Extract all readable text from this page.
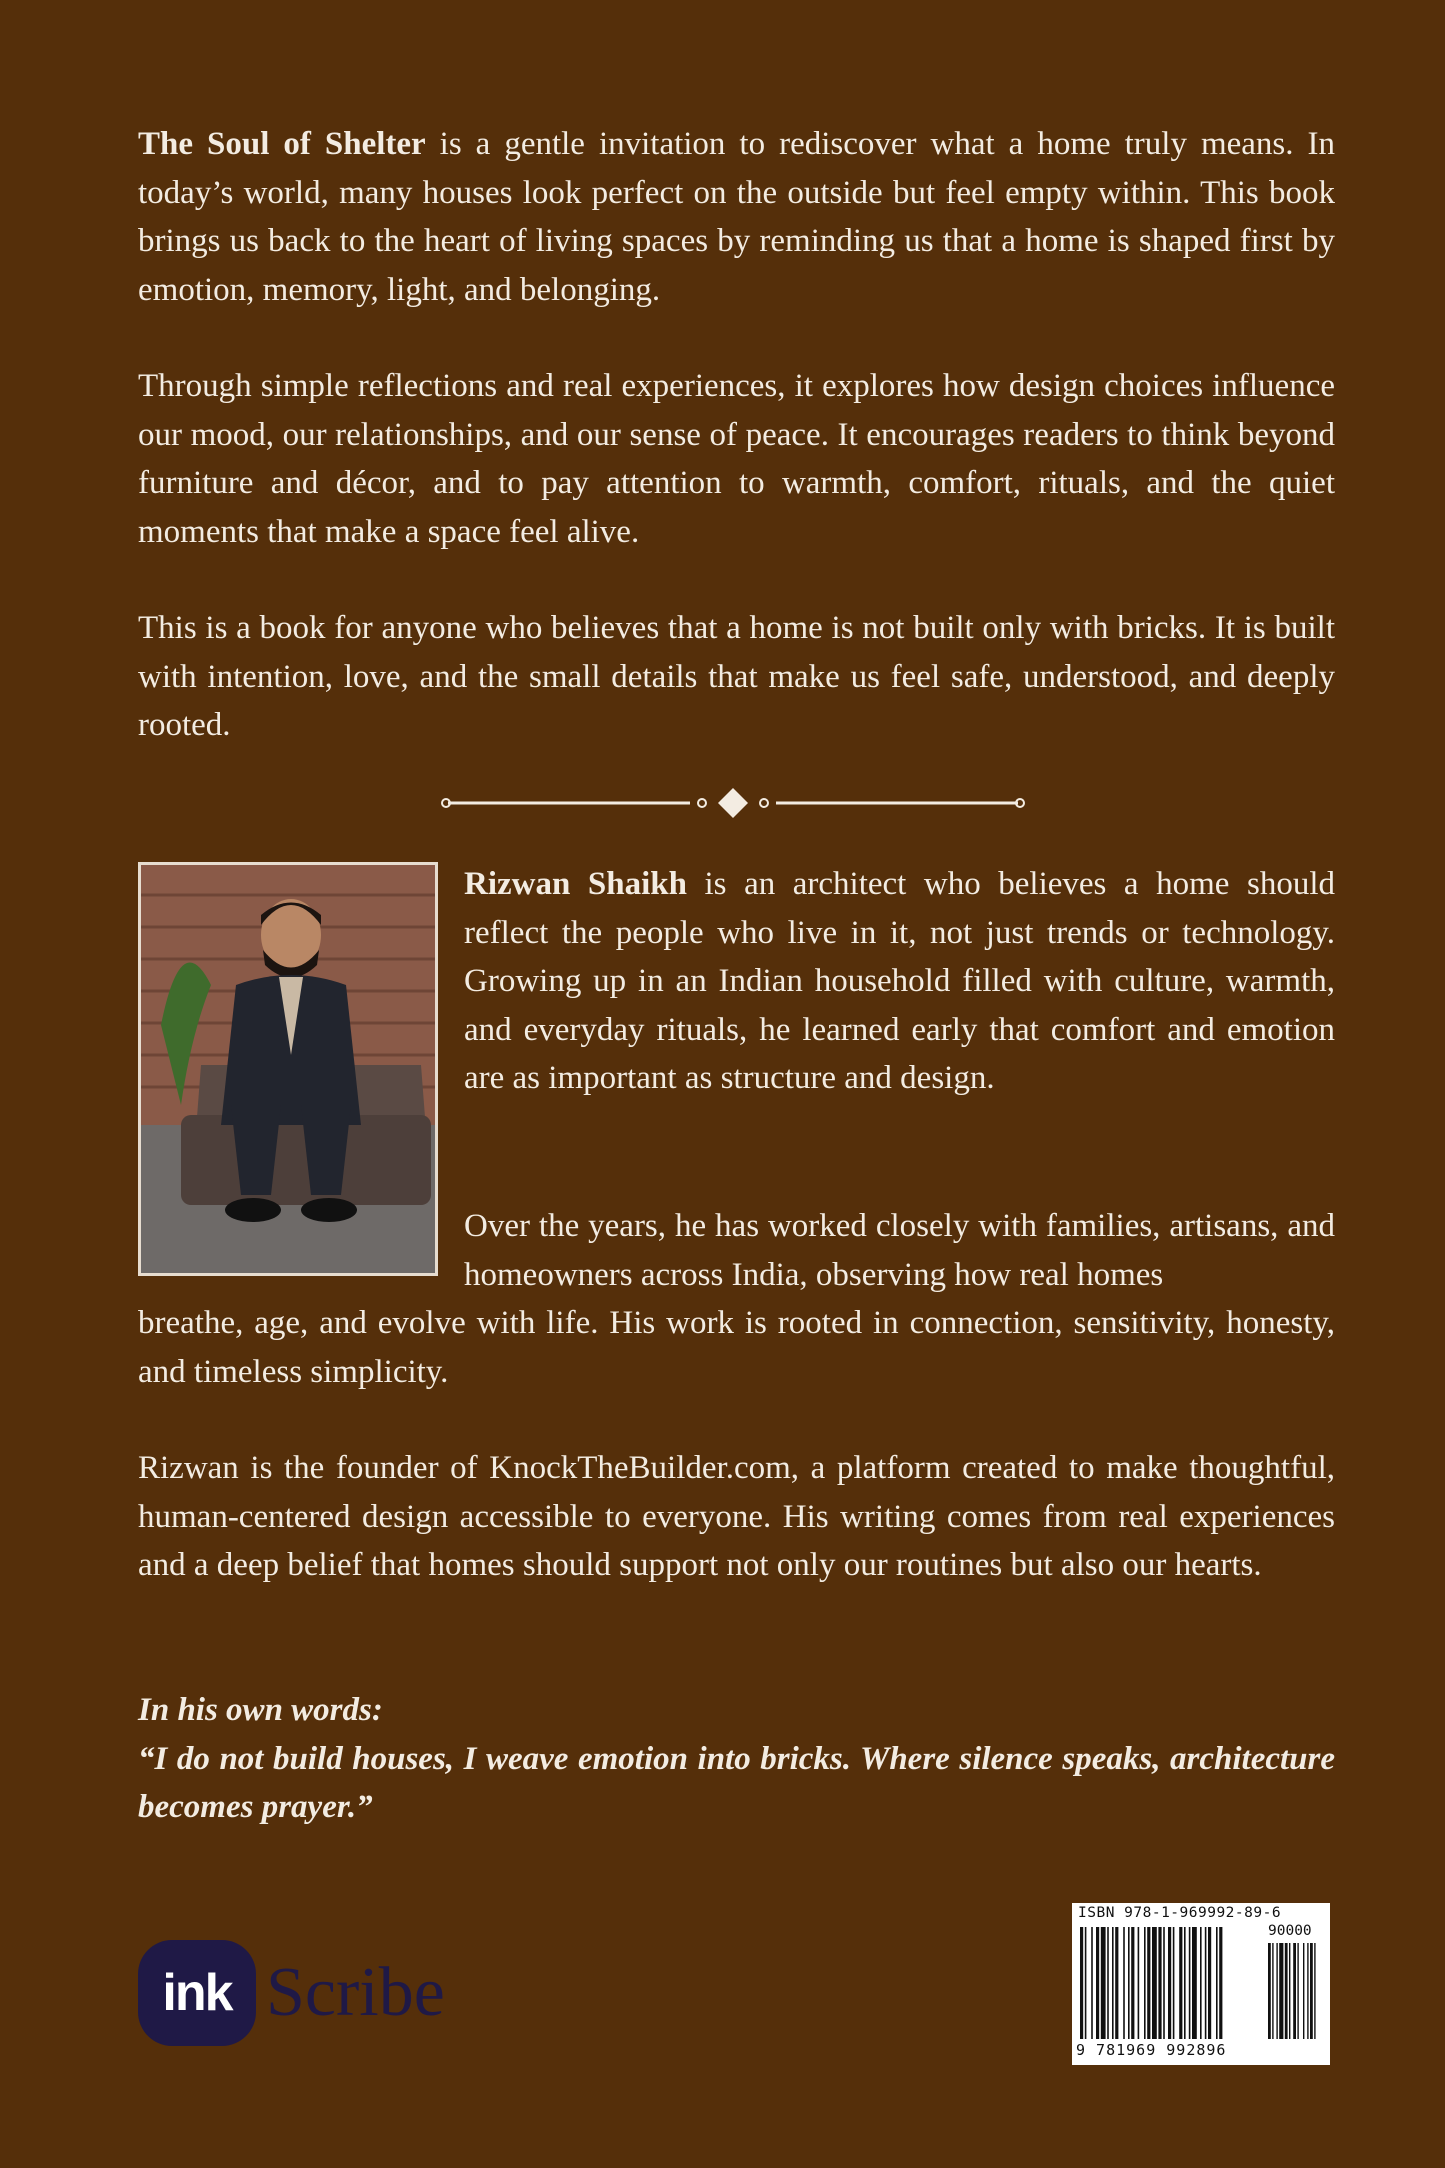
The Soul of Shelter is a gentle invitation to rediscover what a home truly means. In today’s world, many houses look perfect on the outside but feel empty within. This book brings us back to the heart of living spaces by reminding us that a home is shaped first by emotion, memory, light, and belonging.

Through simple reflections and real experiences, it explores how design choices influence our mood, our relationships, and our sense of peace. It encourages readers to think beyond furniture and décor, and to pay attention to warmth, comfort, rituals, and the quiet moments that make a space feel alive.

This is a book for anyone who believes that a home is not built only with bricks. It is built with intention, love, and the small details that make us feel safe, understood, and deeply rooted.

Rizwan Shaikh is an architect who believes a home should reflect the people who live in it, not just trends or technology. Growing up in an Indian household filled with culture, warmth, and everyday rituals, he learned early that comfort and emotion are as important as structure and design.

Over the years, he has worked closely with families, artisans, and homeowners across India, observing how real homes

breathe, age, and evolve with life. His work is rooted in connection, sensitivity, honesty, and timeless simplicity.

Rizwan is the founder of KnockTheBuilder.com, a platform created to make thoughtful, human-centered design accessible to everyone. His writing comes from real experiences and a deep belief that homes should support not only our routines but also our hearts.

In his own words:
“I do not build houses, I weave emotion into bricks. Where silence speaks, architecture becomes prayer.”

ink Scribe
ISBN 978-1-969992-89-6
90000
9 781969 992896
